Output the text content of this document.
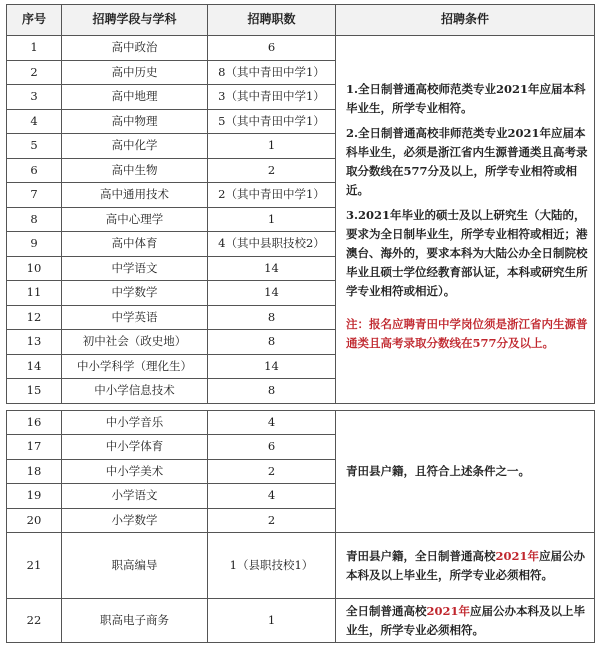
序号	招聘学段与学科	招聘职数	招聘条件
1	高中政治	6	1.全日制普通高校师范类专业2021年应届本科毕业生，所学专业相符。

2.全日制普通高校非师范类专业2021年应届本科毕业生，必须是浙江省内生源普通类且高考录取分数线在577分及以上，所学专业相符或相近。

3.2021年毕业的硕士及以上研究生（大陆的，要求为全日制毕业生，所学专业相符或相近；港澳台、海外的，要求本科为大陆公办全日制院校毕业且硕士学位经教育部认证，本科或研究生所学专业相符或相近）。

注：报名应聘青田中学岗位须是浙江省内生源普通类且高考录取分数线在577分及以上。

2	高中历史	8（其中青田中学1）	
3	高中地理	3（其中青田中学1）	
4	高中物理	5（其中青田中学1）	
5	高中化学	1	
6	高中生物	2	
7	高中通用技术	2（其中青田中学1）	
8	高中心理学	1	
9	高中体育	4（其中县职技校2）	
10	中学语文	14	
11	中学数学	14	
12	中学英语	8	
13	初中社会（政史地）	8	
14	中小学科学（理化生）	14	
15	中小学信息技术	8	

16	中小学音乐	4	青田县户籍，且符合上述条件之一。
17	中小学体育	6	
18	中小学美术	2	
19	小学语文	4	
20	小学数学	2	
21	职高编导	1（县职技校1）	青田县户籍，全日制普通高校2021年应届公办本科及以上毕业生，所学专业必须相符。
22	职高电子商务	1	全日制普通高校2021年应届公办本科及以上毕业生，所学专业必须相符。
